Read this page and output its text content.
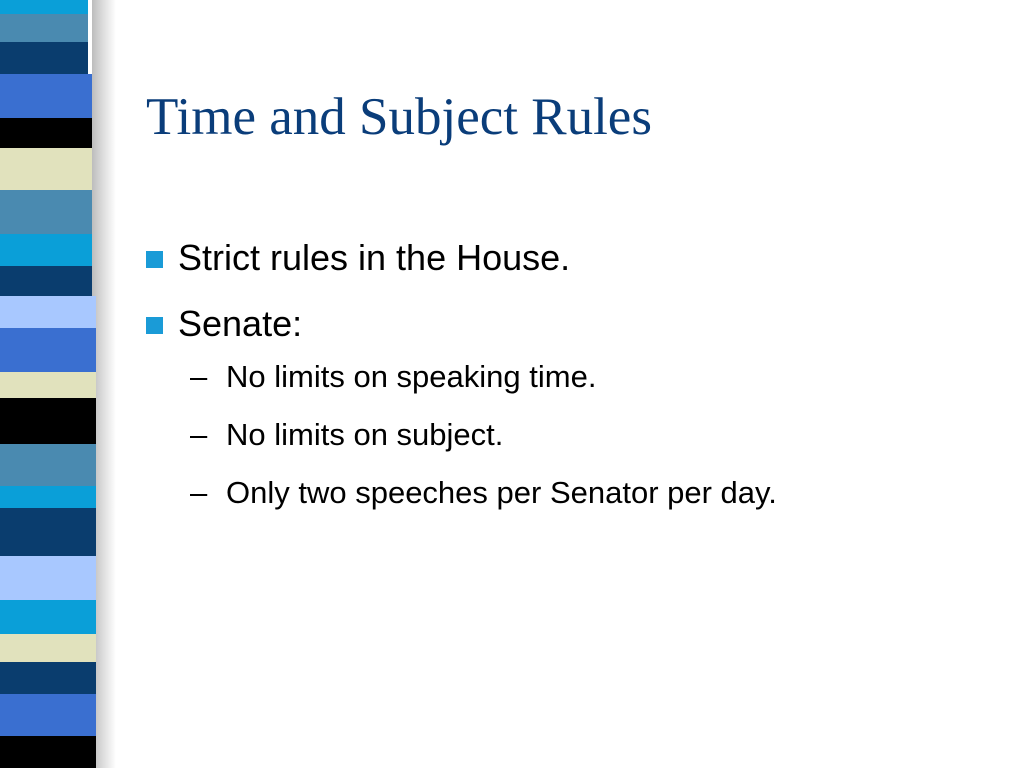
Time and Subject Rules
Strict rules in the House.
Senate:
– No limits on speaking time.
– No limits on subject.
– Only two speeches per Senator per day.
